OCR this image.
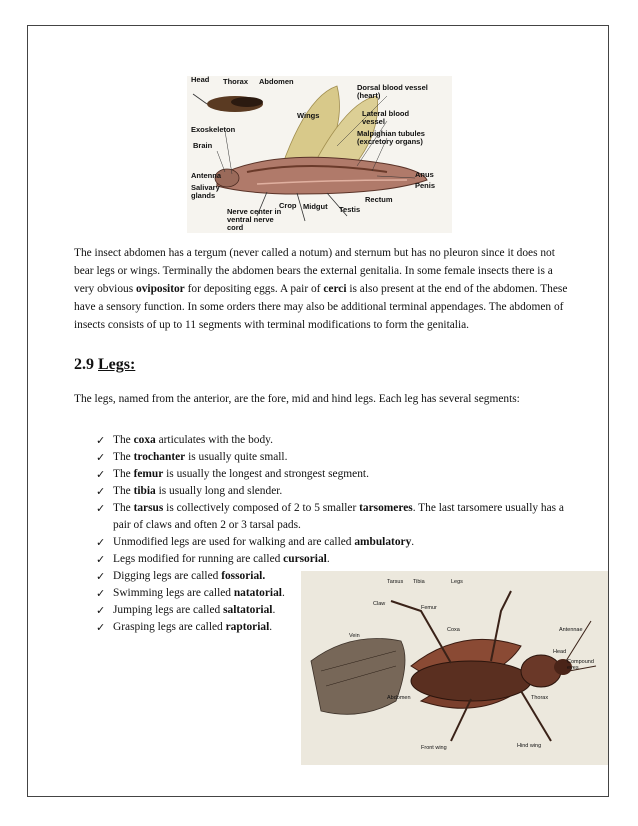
Head Thorax Abdomen
Dorsal blood vessel (heart)
Lateral blood vessel
Wings
Malpighian tubules (excretory organs)
Exoskeleton
Brain
Antenna
Salivary glands
Anus
Penis
Rectum
Crop Midgut Testis
Nerve center in ventral nerve cord

The insect abdomen has a tergum (never called a notum) and sternum but has no pleuron since it does not bear legs or wings. Terminally the abdomen bears the external genitalia. In some female insects there is a very obvious ovipositor for depositing eggs. A pair of cerci is also present at the end of the abdomen. These have a sensory function. In some orders there may also be additional terminal appendages. The abdomen of insects consists of up to 11 segments with terminal modifications to form the genitalia.

2.9 Legs:
The legs, named from the anterior, are the fore, mid and hind legs. Each leg has several segments:
✓ The coxa articulates with the body.
✓ The trochanter is usually quite small.
✓ The femur is usually the longest and strongest segment.
✓ The tibia is usually long and slender.
✓ The tarsus is collectively composed of 2 to 5 smaller tarsomeres. The last tarsomere usually has a pair of claws and often 2 or 3 tarsal pads.
✓ Unmodified legs are used for walking and are called ambulatory.
✓ Legs modified for running are called cursorial.
✓ Digging legs are called fossorial.
✓ Swimming legs are called natatorial.
✓ Jumping legs are called saltatorial.
✓ Grasping legs are called raptorial.
Tarsus Tibia	Legs
Claw
Femur
Coxa
Vein
Antennae
Head
Compound eyes
Abdomen	Thorax
Front wing	Hind wing
